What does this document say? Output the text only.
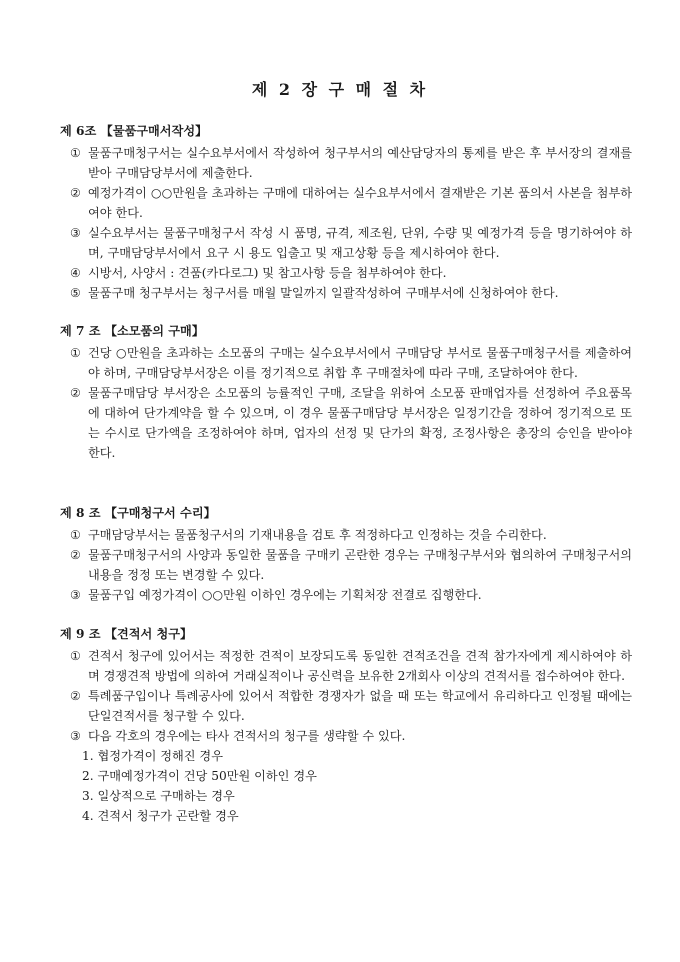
제 2 장 구 매 절 차
제 6조 【물품구매서작성】
① 물품구매청구서는 실수요부서에서 작성하여 청구부서의 예산담당자의 통제를 받은 후 부서장의 결재를 받아 구매담당부서에 제출한다.
② 예정가격이 ○○만원을 초과하는 구매에 대하여는 실수요부서에서 결재받은 기본 품의서 사본을 첨부하여야 한다.
③ 실수요부서는 물품구매청구서 작성 시 품명, 규격, 제조원, 단위, 수량 및 예정가격 등을 명기하여야 하며, 구매담당부서에서 요구 시 용도 입출고 및 재고상황 등을 제시하여야 한다.
④ 시방서, 사양서 : 견품(카다로그) 및 참고사항 등을 첨부하여야 한다.
⑤ 물품구매 청구부서는 청구서를 매월 말일까지 일괄작성하여 구매부서에 신청하여야 한다.
제 7 조 【소모품의 구매】
① 건당 ○만원을 초과하는 소모품의 구매는 실수요부서에서 구매담당 부서로 물품구매청구서를 제출하여야 하며, 구매담당부서장은 이를 정기적으로 취합 후 구매절차에 따라 구매, 조달하여야 한다.
② 물품구매담당 부서장은 소모품의 능률적인 구매, 조달을 위하여 소모품 판매업자를 선정하여 주요품목에 대하여 단가계약을 할 수 있으며, 이 경우 물품구매담당 부서장은 일정기간을 정하여 정기적으로 또는 수시로 단가액을 조정하여야 하며, 업자의 선정 및 단가의 확정, 조정사항은 총장의 승인을 받아야 한다.
제 8 조 【구매청구서 수리】
① 구매담당부서는 물품청구서의 기재내용을 검토 후 적정하다고 인정하는 것을 수리한다.
② 물품구매청구서의 사양과 동일한 물품을 구매키 곤란한 경우는 구매청구부서와 협의하여 구매청구서의 내용을 정정 또는 변경할 수 있다.
③ 물품구입 예정가격이 ○○만원 이하인 경우에는 기획처장 전결로 집행한다.
제 9 조 【견적서 청구】
① 견적서 청구에 있어서는 적정한 견적이 보장되도록 동일한 견적조건을 견적 참가자에게 제시하여야 하며 경쟁견적 방법에 의하여 거래실적이나 공신력을 보유한 2개회사 이상의 견적서를 접수하여야 한다.
② 특례품구입이나 특례공사에 있어서 적합한 경쟁자가 없을 때 또는 학교에서 유리하다고 인정될 때에는 단일견적서를 청구할 수 있다.
③ 다음 각호의 경우에는 타사 견적서의 청구를 생략할 수 있다.
1. 협정가격이 정해진 경우
2. 구매예정가격이 건당 50만원 이하인 경우
3. 일상적으로 구매하는 경우
4. 견적서 청구가 곤란할 경우
